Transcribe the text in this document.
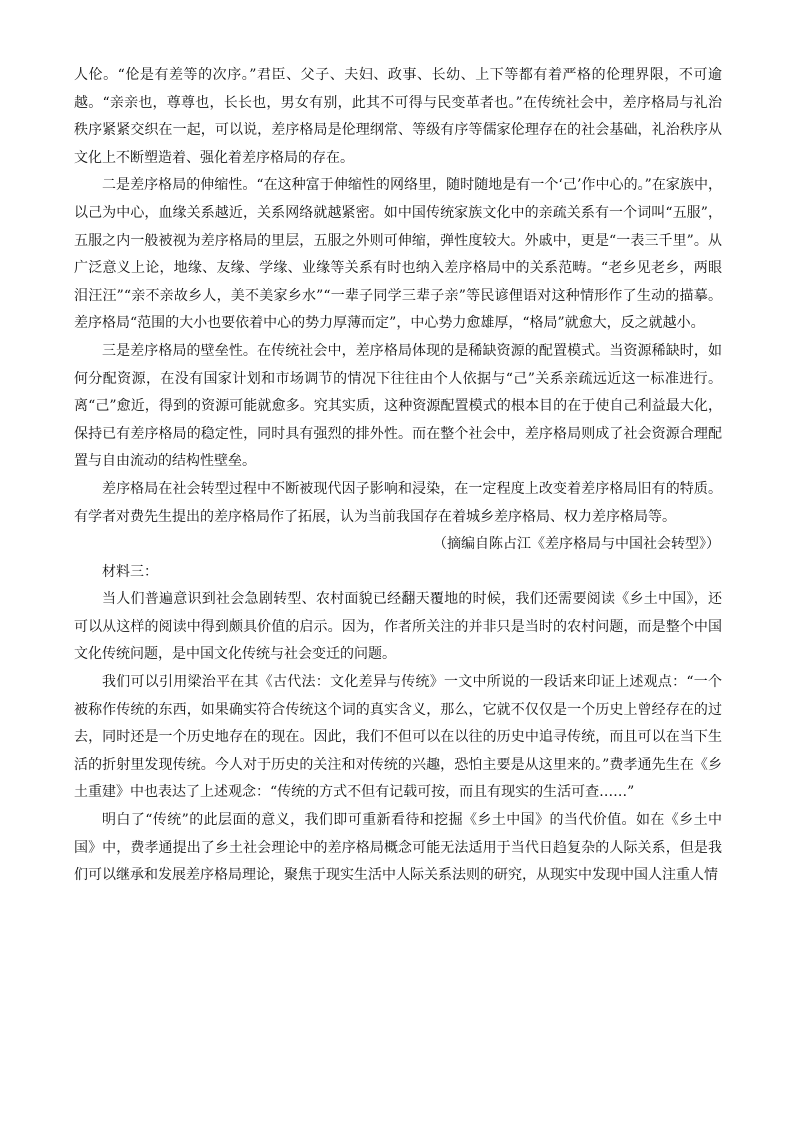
人伦。“伦是有差等的次序。”君臣、父子、夫妇、政事、长幼、上下等都有着严格的伦理界限，不可逾越。“亲亲也，尊尊也，长长也，男女有别，此其不可得与民变革者也。”在传统社会中，差序格局与礼治秩序紧紧交织在一起，可以说，差序格局是伦理纲常、等级有序等儒家伦理存在的社会基础，礼治秩序从文化上不断塑造着、强化着差序格局的存在。

二是差序格局的伸缩性。“在这种富于伸缩性的网络里，随时随地是有一个‘己’作中心的。”在家族中，以己为中心，血缘关系越近，关系网络就越紧密。如中国传统家族文化中的亲疏关系有一个词叫“五服”，五服之内一般被视为差序格局的里层，五服之外则可伸缩，弹性度较大。外戚中，更是“一表三千里”。从广泛意义上论，地缘、友缘、学缘、业缘等关系有时也纳入差序格局中的关系范畴。“老乡见老乡，两眼泪汪汪”“亲不亲故乡人，美不美家乡水”“一辈子同学三辈子亲”等民谚俚语对这种情形作了生动的描摹。差序格局“范围的大小也要依着中心的势力厚薄而定”，中心势力愈雄厚，“格局”就愈大，反之就越小。

三是差序格局的壁垒性。在传统社会中，差序格局体现的是稀缺资源的配置模式。当资源稀缺时，如何分配资源，在没有国家计划和市场调节的情况下往往由个人依据与“己”关系亲疏远近这一标准进行。离“己”愈近，得到的资源可能就愈多。究其实质，这种资源配置模式的根本目的在于使自己利益最大化，保持已有差序格局的稳定性，同时具有强烈的排外性。而在整个社会中，差序格局则成了社会资源合理配置与自由流动的结构性壁垒。

差序格局在社会转型过程中不断被现代因子影响和浸染，在一定程度上改变着差序格局旧有的特质。有学者对费先生提出的差序格局作了拓展，认为当前我国存在着城乡差序格局、权力差序格局等。

（摘编自陈占江《差序格局与中国社会转型》）

材料三：

当人们普遍意识到社会急剧转型、农村面貌已经翻天覆地的时候，我们还需要阅读《乡土中国》，还可以从这样的阅读中得到颇具价值的启示。因为，作者所关注的并非只是当时的农村问题，而是整个中国文化传统问题，是中国文化传统与社会变迁的问题。

我们可以引用梁治平在其《古代法：文化差异与传统》一文中所说的一段话来印证上述观点：“一个被称作传统的东西，如果确实符合传统这个词的真实含义，那么，它就不仅仅是一个历史上曾经存在的过去，同时还是一个历史地存在的现在。因此，我们不但可以在以往的历史中追寻传统，而且可以在当下生活的折射里发现传统。今人对于历史的关注和对传统的兴趣，恐怕主要是从这里来的。”费孝通先生在《乡土重建》中也表达了上述观念：“传统的方式不但有记载可按，而且有现实的生活可查……”

明白了“传统”的此层面的意义，我们即可重新看待和挖掘《乡土中国》的当代价值。如在《乡土中国》中，费孝通提出了乡土社会理论中的差序格局概念可能无法适用于当代日趋复杂的人际关系，但是我们可以继承和发展差序格局理论，聚焦于现实生活中人际关系法则的研究，从现实中发现中国人注重人情
